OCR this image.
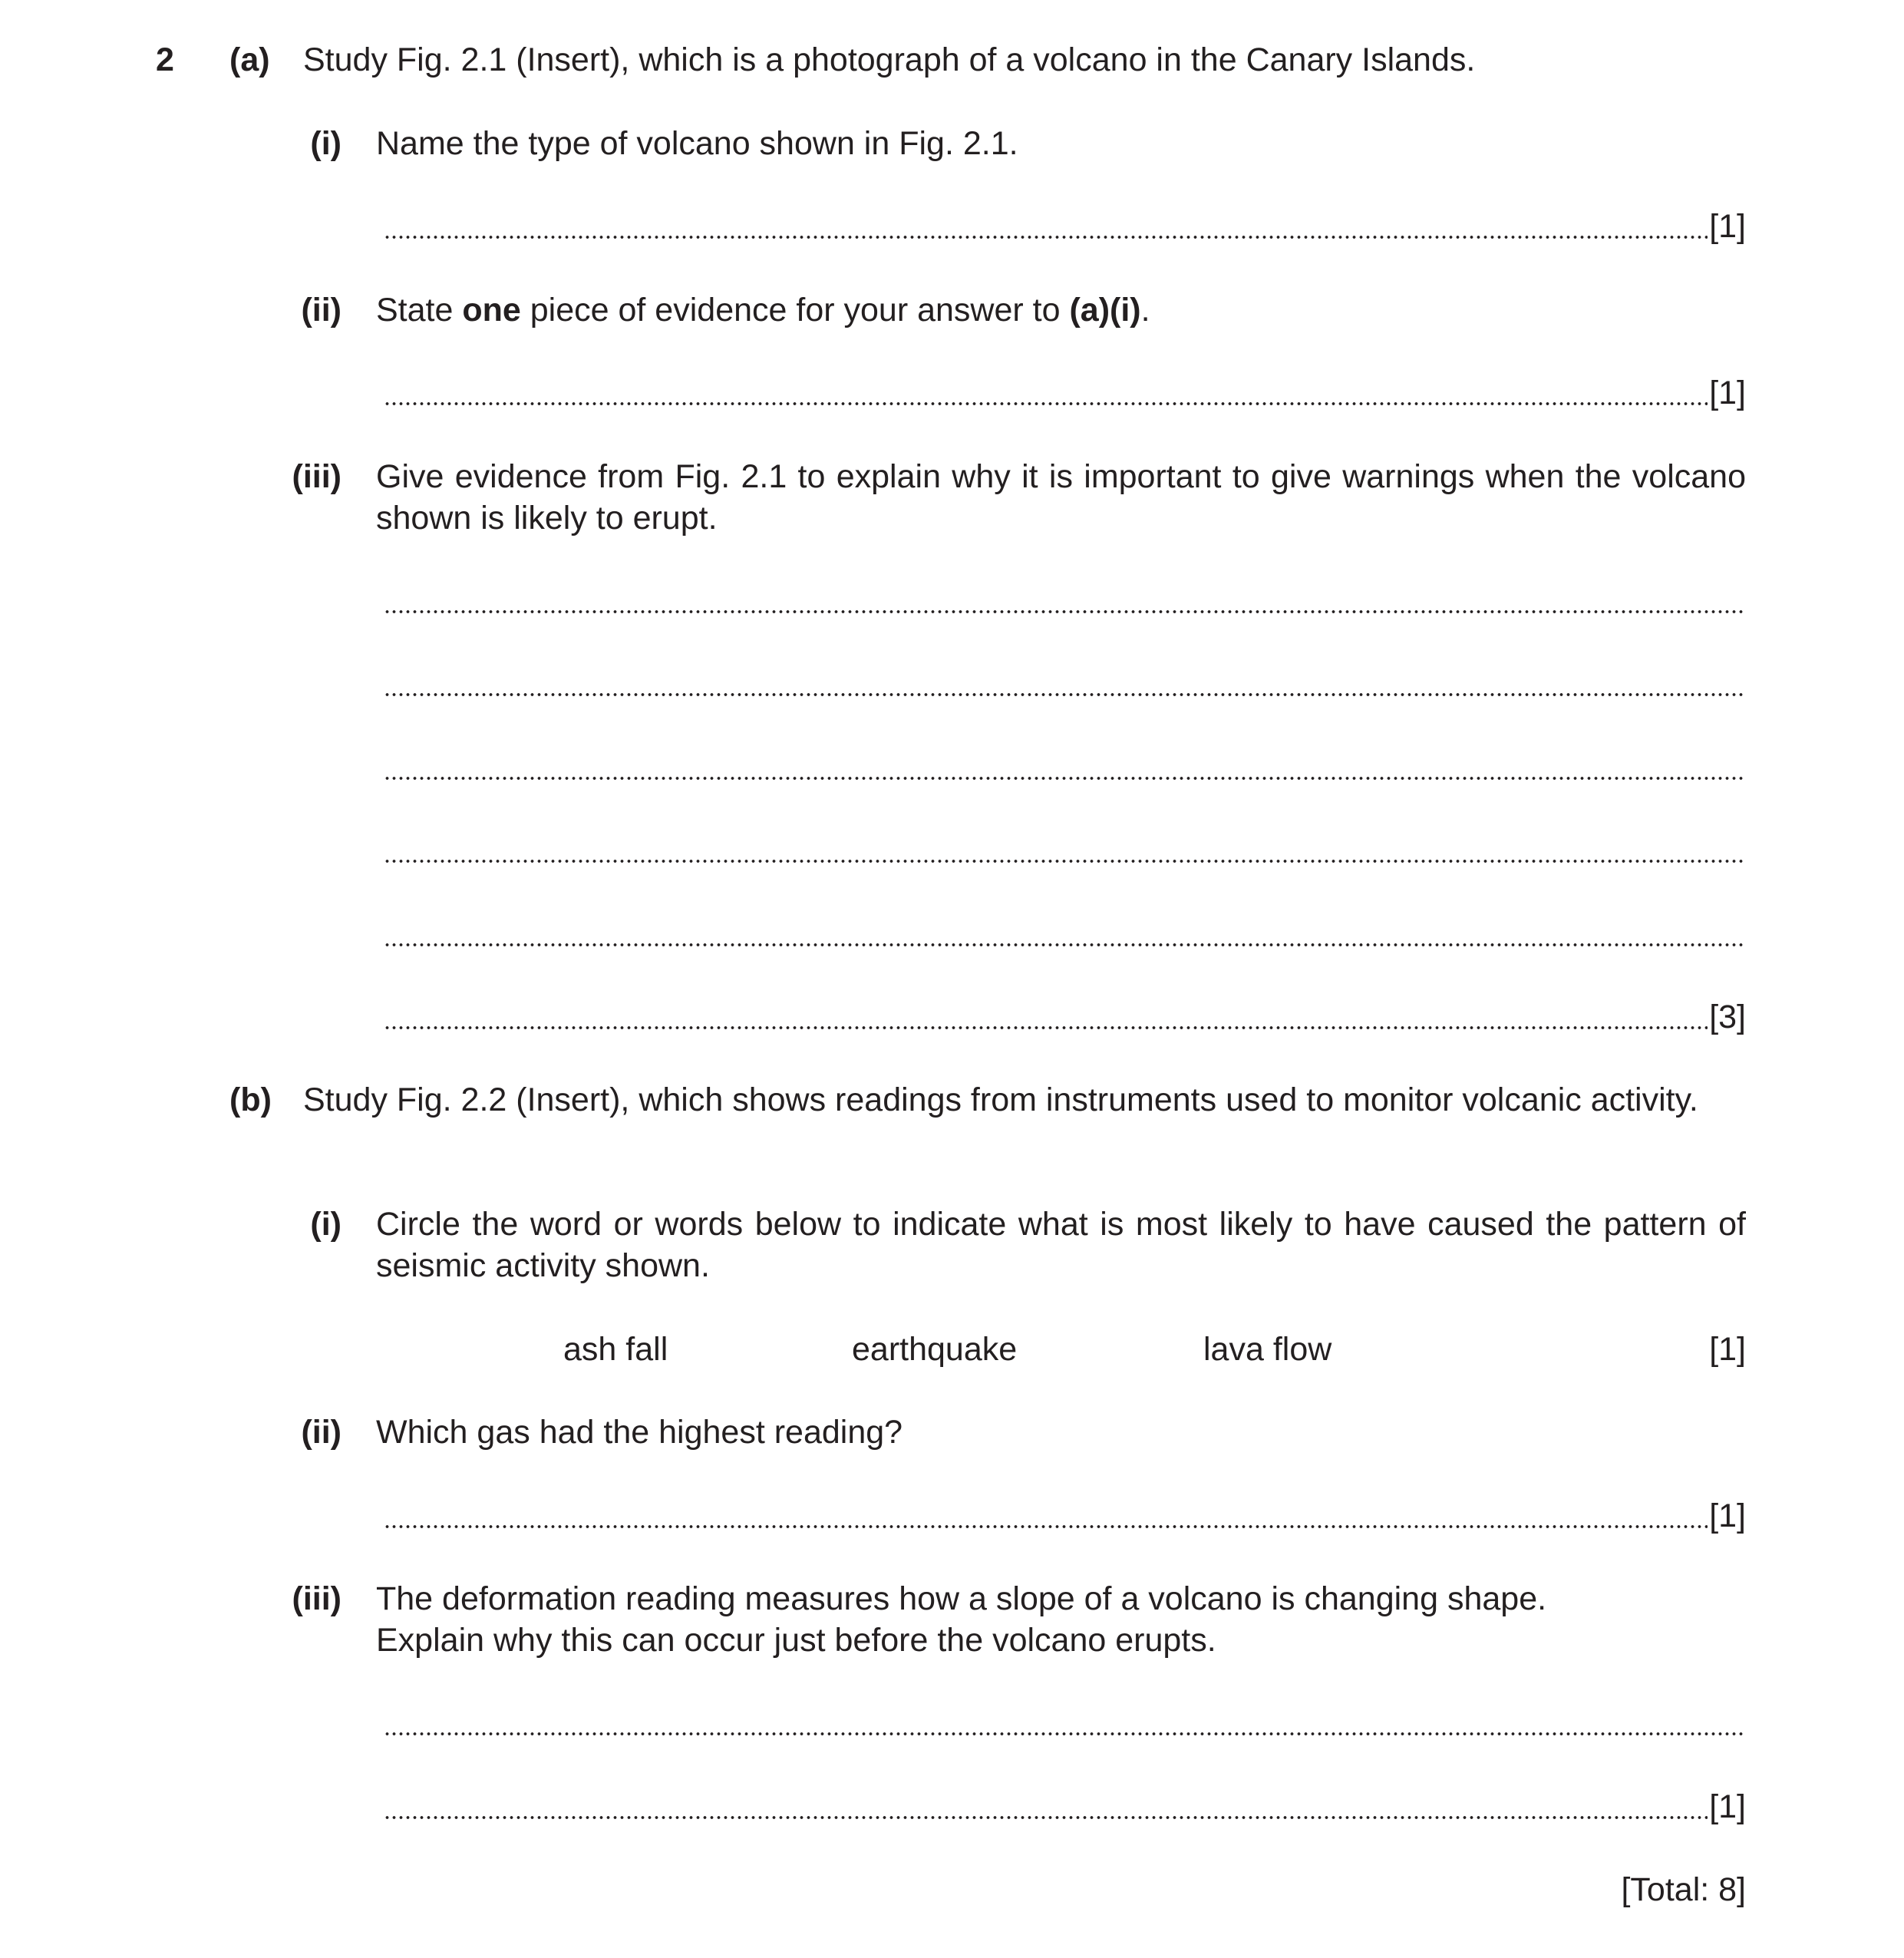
2 (a) Study Fig. 2.1 (Insert), which is a photograph of a volcano in the Canary Islands.
(i) Name the type of volcano shown in Fig. 2.1.
[1]
(ii) State one piece of evidence for your answer to (a)(i).
[1]
(iii) Give evidence from Fig. 2.1 to explain why it is important to give warnings when the volcano shown is likely to erupt.
[3]
(b) Study Fig. 2.2 (Insert), which shows readings from instruments used to monitor volcanic activity.
(i) Circle the word or words below to indicate what is most likely to have caused the pattern of seismic activity shown.
ash fall	earthquake	lava flow	[1]
(ii) Which gas had the highest reading?
[1]
(iii) The deformation reading measures how a slope of a volcano is changing shape.
Explain why this can occur just before the volcano erupts.
[1]
[Total: 8]
